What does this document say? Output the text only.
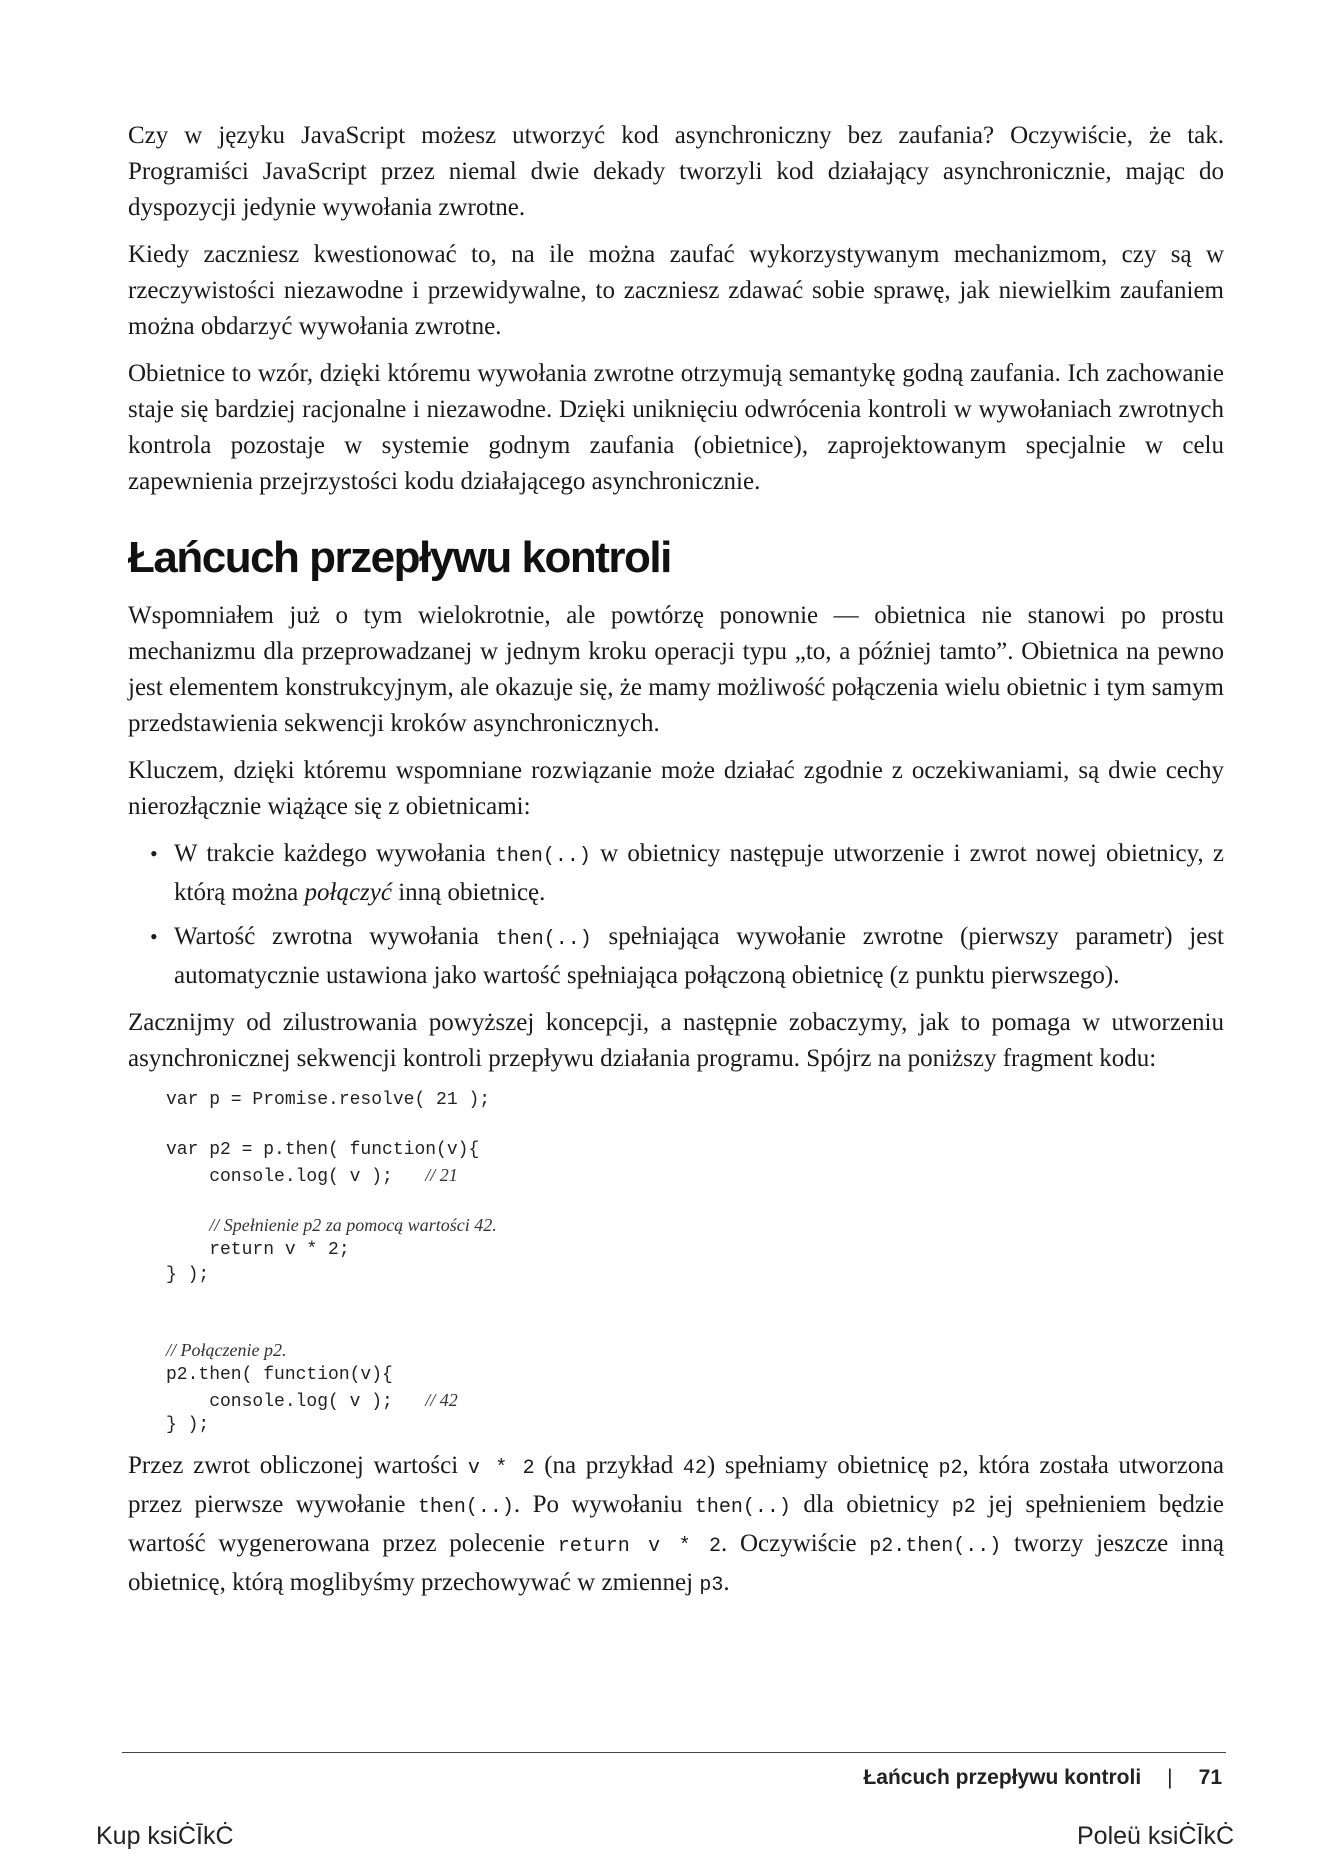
Czy w języku JavaScript możesz utworzyć kod asynchroniczny bez zaufania? Oczywiście, że tak. Programiści JavaScript przez niemal dwie dekady tworzyli kod działający asynchronicznie, mając do dyspozycji jedynie wywołania zwrotne.

Kiedy zaczniesz kwestionować to, na ile można zaufać wykorzystywanym mechanizmom, czy są w rzeczywistości niezawodne i przewidywalne, to zaczniesz zdawać sobie sprawę, jak niewielkim zaufaniem można obdarzyć wywołania zwrotne.

Obietnice to wzór, dzięki któremu wywołania zwrotne otrzymują semantykę godną zaufania. Ich zachowanie staje się bardziej racjonalne i niezawodne. Dzięki uniknięciu odwrócenia kontroli w wywołaniach zwrotnych kontrola pozostaje w systemie godnym zaufania (obietnice), zaprojektowanym specjalnie w celu zapewnienia przejrzystości kodu działającego asynchronicznie.

Łańcuch przepływu kontroli

Wspomniałem już o tym wielokrotnie, ale powtórzę ponownie — obietnica nie stanowi po prostu mechanizmu dla przeprowadzanej w jednym kroku operacji typu „to, a później tamto”. Obietnica na pewno jest elementem konstrukcyjnym, ale okazuje się, że mamy możliwość połączenia wielu obietnic i tym samym przedstawienia sekwencji kroków asynchronicznych.

Kluczem, dzięki któremu wspomniane rozwiązanie może działać zgodnie z oczekiwaniami, są dwie cechy nierozłącznie wiążące się z obietnicami:

• W trakcie każdego wywołania then(..) w obietnicy następuje utworzenie i zwrot nowej obietnicy, z którą można połączyć inną obietnicę.
• Wartość zwrotna wywołania then(..) spełniająca wywołanie zwrotne (pierwszy parametr) jest automatycznie ustawiona jako wartość spełniająca połączoną obietnicę (z punktu pierwszego).

Zacznijmy od zilustrowania powyższej koncepcji, a następnie zobaczymy, jak to pomaga w utworzeniu asynchronicznej sekwencji kontroli przepływu działania programu. Spójrz na poniższy fragment kodu:

var p = Promise.resolve( 21 );
var p2 = p.then( function(v){
console.log( v );   // 21
// Spełnienie p2 za pomocą wartości 42.
return v * 2;
} );
// Połączenie p2.
p2.then( function(v){
console.log( v );   // 42
} );

Przez zwrot obliczonej wartości v * 2 (na przykład 42) spełniamy obietnicę p2, która została utworzona przez pierwsze wywołanie then(..). Po wywołaniu then(..) dla obietnicy p2 jej spełnieniem będzie wartość wygenerowana przez polecenie return v * 2. Oczywiście p2.then(..) tworzy jeszcze inną obietnicę, którą moglibyśmy przechowywać w zmiennej p3.

Łańcuch przepływu kontroli | 71
Kup ksiĊĪkĊ	Poleü ksiĊĪkĊ
